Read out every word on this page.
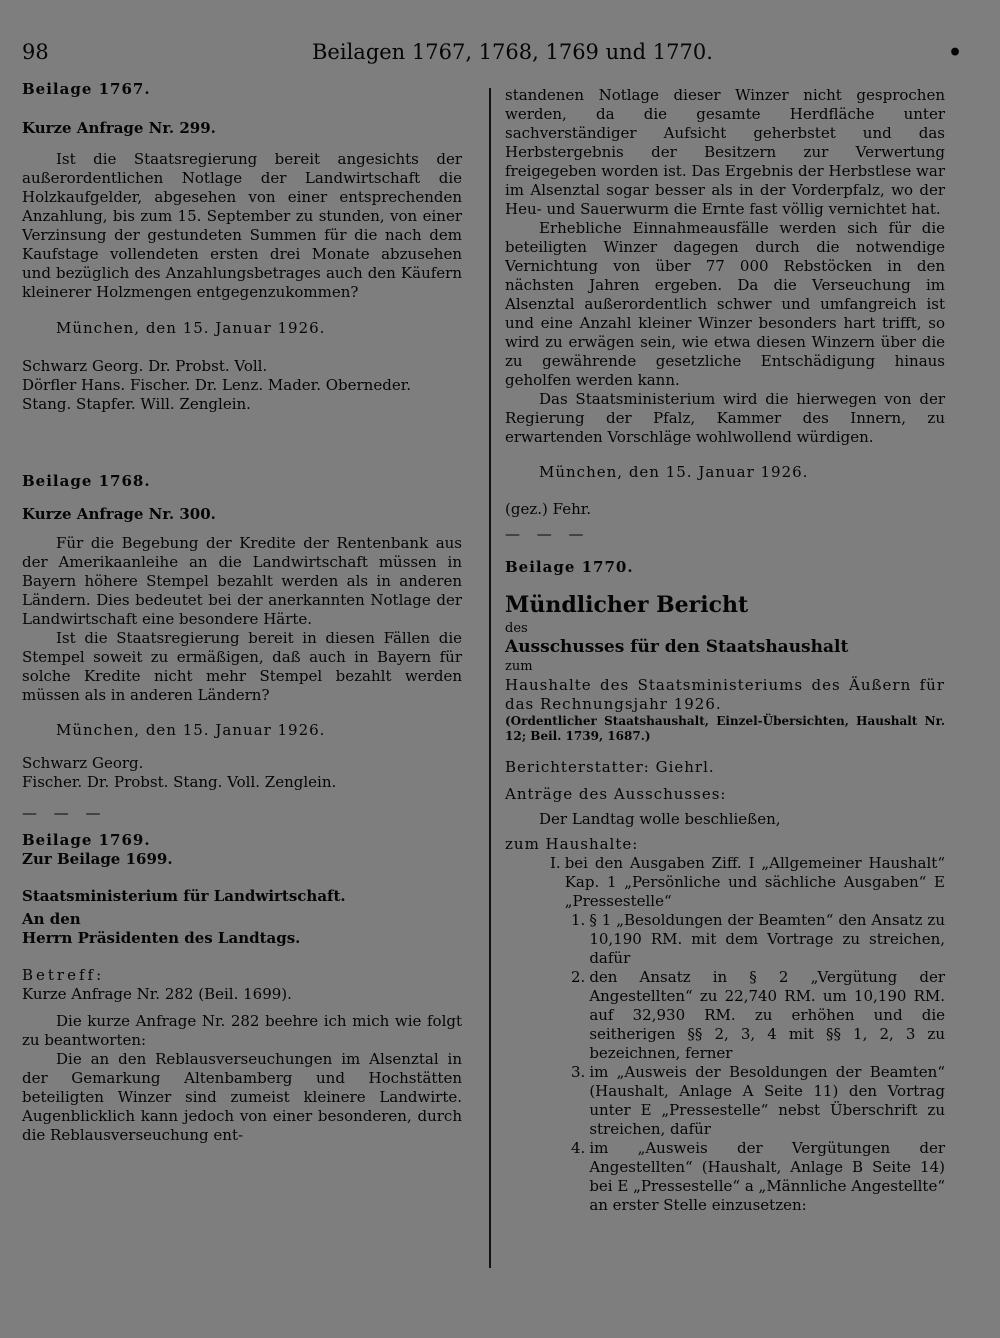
98	Beilagen 1767, 1768, 1769 und 1770.	•

Beilage 1767.

Kurze Anfrage Nr. 299.

Ist die Staatsregierung bereit angesichts der außerordentlichen Notlage der Landwirtschaft die Holzkaufgelder, abgesehen von einer entsprechenden Anzahlung, bis zum 15. September zu stunden, von einer Verzinsung der gestundeten Summen für die nach dem Kaufstage vollendeten ersten drei Monate abzusehen und bezüglich des Anzahlungsbetrages auch den Käufern kleinerer Holzmengen entgegenzukommen?

München, den 15. Januar 1926.

Schwarz Georg. Dr. Probst. Voll.

Dörfler Hans. Fischer. Dr. Lenz. Mader. Oberneder.

Stang. Stapfer. Will. Zenglein.

Beilage 1768.

Kurze Anfrage Nr. 300.

Für die Begebung der Kredite der Rentenbank aus der Amerikaanleihe an die Landwirtschaft müssen in Bayern höhere Stempel bezahlt werden als in anderen Ländern. Dies bedeutet bei der anerkannten Notlage der Landwirtschaft eine besondere Härte.

Ist die Staatsregierung bereit in diesen Fällen die Stempel soweit zu ermäßigen, daß auch in Bayern für solche Kredite nicht mehr Stempel bezahlt werden müssen als in anderen Ländern?

München, den 15. Januar 1926.

Schwarz Georg.

Fischer. Dr. Probst. Stang. Voll. Zenglein.

— — —

Beilage 1769.

Zur Beilage 1699.

Staatsministerium für Landwirtschaft.

An den

Herrn Präsidenten des Landtags.

Betreff:

Kurze Anfrage Nr. 282 (Beil. 1699).

Die kurze Anfrage Nr. 282 beehre ich mich wie folgt zu beantworten:

Die an den Reblausverseuchungen im Alsenztal in der Gemarkung Altenbamberg und Hochstätten beteiligten Winzer sind zumeist kleinere Landwirte. Augenblicklich kann jedoch von einer besonderen, durch die Reblausverseuchung ent-

standenen Notlage dieser Winzer nicht gesprochen werden, da die gesamte Herdfläche unter sachverständiger Aufsicht geherbstet und das Herbstergebnis der Besitzern zur Verwertung freigegeben worden ist. Das Ergebnis der Herbstlese war im Alsenztal sogar besser als in der Vorderpfalz, wo der Heu- und Sauerwurm die Ernte fast völlig vernichtet hat.

Erhebliche Einnahmeausfälle werden sich für die beteiligten Winzer dagegen durch die notwendige Vernichtung von über 77 000 Rebstöcken in den nächsten Jahren ergeben. Da die Verseuchung im Alsenztal außerordentlich schwer und umfangreich ist und eine Anzahl kleiner Winzer besonders hart trifft, so wird zu erwägen sein, wie etwa diesen Winzern über die zu gewährende gesetzliche Entschädigung hinaus geholfen werden kann.

Das Staatsministerium wird die hierwegen von der Regierung der Pfalz, Kammer des Innern, zu erwartenden Vorschläge wohlwollend würdigen.

München, den 15. Januar 1926.

(gez.) Fehr.

— — —

Beilage 1770.

Mündlicher Bericht

des

Ausschusses für den Staatshaushalt

zum

Haushalte des Staatsministeriums des Äußern für das Rechnungsjahr 1926.

(Ordentlicher Staatshaushalt, Einzel-Übersichten, Haushalt Nr. 12; Beil. 1739, 1687.)

Berichterstatter: Giehrl.

Anträge des Ausschusses:

Der Landtag wolle beschließen,

zum Haushalte:

I. bei den Ausgaben Ziff. I „Allgemeiner Haushalt“ Kap. 1 „Persönliche und sächliche Ausgaben“ E „Pressestelle“
1. § 1 „Besoldungen der Beamten“ den Ansatz zu 10,190 RM. mit dem Vortrage zu streichen, dafür
2. den Ansatz in § 2 „Vergütung der Angestellten“ zu 22,740 RM. um 10,190 RM. auf 32,930 RM. zu erhöhen und die seitherigen §§ 2, 3, 4 mit §§ 1, 2, 3 zu bezeichnen, ferner
3. im „Ausweis der Besoldungen der Beamten“ (Haushalt, Anlage A Seite 11) den Vortrag unter E „Pressestelle“ nebst Überschrift zu streichen, dafür
4. im „Ausweis der Vergütungen der Angestellten“ (Haushalt, Anlage B Seite 14) bei E „Pressestelle“ a „Männliche Angestellte“ an erster Stelle einzusetzen:
